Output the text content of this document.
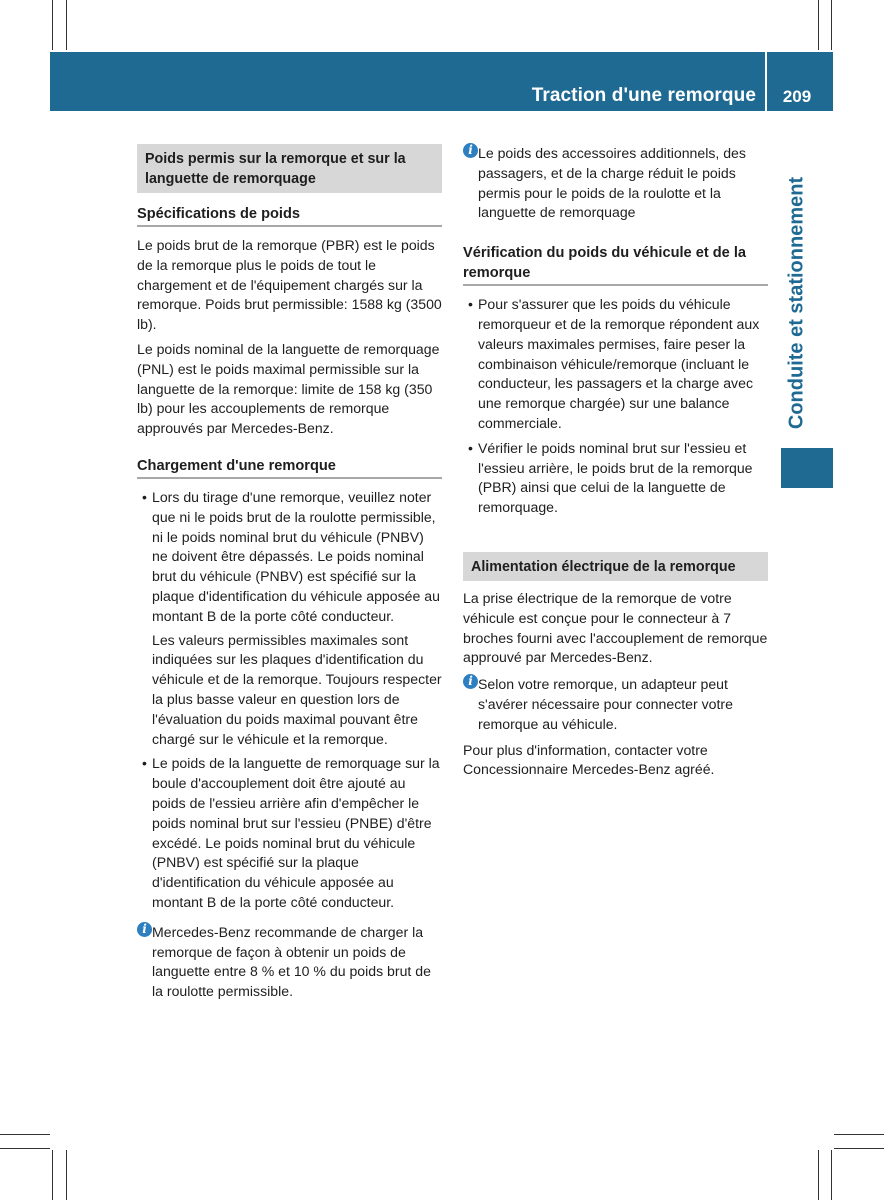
Traction d'une remorque	209
Conduite et stationnement
Poids permis sur la remorque et sur la languette de remorquage
Spécifications de poids

Le poids brut de la remorque (PBR) est le poids de la remorque plus le poids de tout le chargement et de l'équipement chargés sur la remorque. Poids brut permissible: 1588 kg (3500 lb).

Le poids nominal de la languette de remorquage (PNL) est le poids maximal permissible sur la languette de la remorque: limite de 158 kg (350 lb) pour les accouplements de remorque approuvés par Mercedes-Benz.

Chargement d'une remorque
• Lors du tirage d'une remorque, veuillez noter que ni le poids brut de la roulotte permissible, ni le poids nominal brut du véhicule (PNBV) ne doivent être dépassés. Le poids nominal brut du véhicule (PNBV) est spécifié sur la plaque d'identification du véhicule apposée au montant B de la porte côté conducteur.
Les valeurs permissibles maximales sont indiquées sur les plaques d'identification du véhicule et de la remorque. Toujours respecter la plus basse valeur en question lors de l'évaluation du poids maximal pouvant être chargé sur le véhicule et la remorque.
• Le poids de la languette de remorquage sur la boule d'accouplement doit être ajouté au poids de l'essieu arrière afin d'empêcher le poids nominal brut sur l'essieu (PNBE) d'être excédé. Le poids nominal brut du véhicule (PNBV) est spécifié sur la plaque d'identification du véhicule apposée au montant B de la porte côté conducteur.
i Mercedes-Benz recommande de charger la remorque de façon à obtenir un poids de languette entre 8 % et 10 % du poids brut de la roulotte permissible.
i Le poids des accessoires additionnels, des passagers, et de la charge réduit le poids permis pour le poids de la roulotte et la languette de remorquage
Vérification du poids du véhicule et de la remorque
• Pour s'assurer que les poids du véhicule remorqueur et de la remorque répondent aux valeurs maximales permises, faire peser la combinaison véhicule/remorque (incluant le conducteur, les passagers et la charge avec une remorque chargée) sur une balance commerciale.
• Vérifier le poids nominal brut sur l'essieu et l'essieu arrière, le poids brut de la remorque (PBR) ainsi que celui de la languette de remorquage.
Alimentation électrique de la remorque

La prise électrique de la remorque de votre véhicule est conçue pour le connecteur à 7 broches fourni avec l'accouplement de remorque approuvé par Mercedes-Benz.

i Selon votre remorque, un adapteur peut s'avérer nécessaire pour connecter votre remorque au véhicule.

Pour plus d'information, contacter votre Concessionnaire Mercedes-Benz agréé.
